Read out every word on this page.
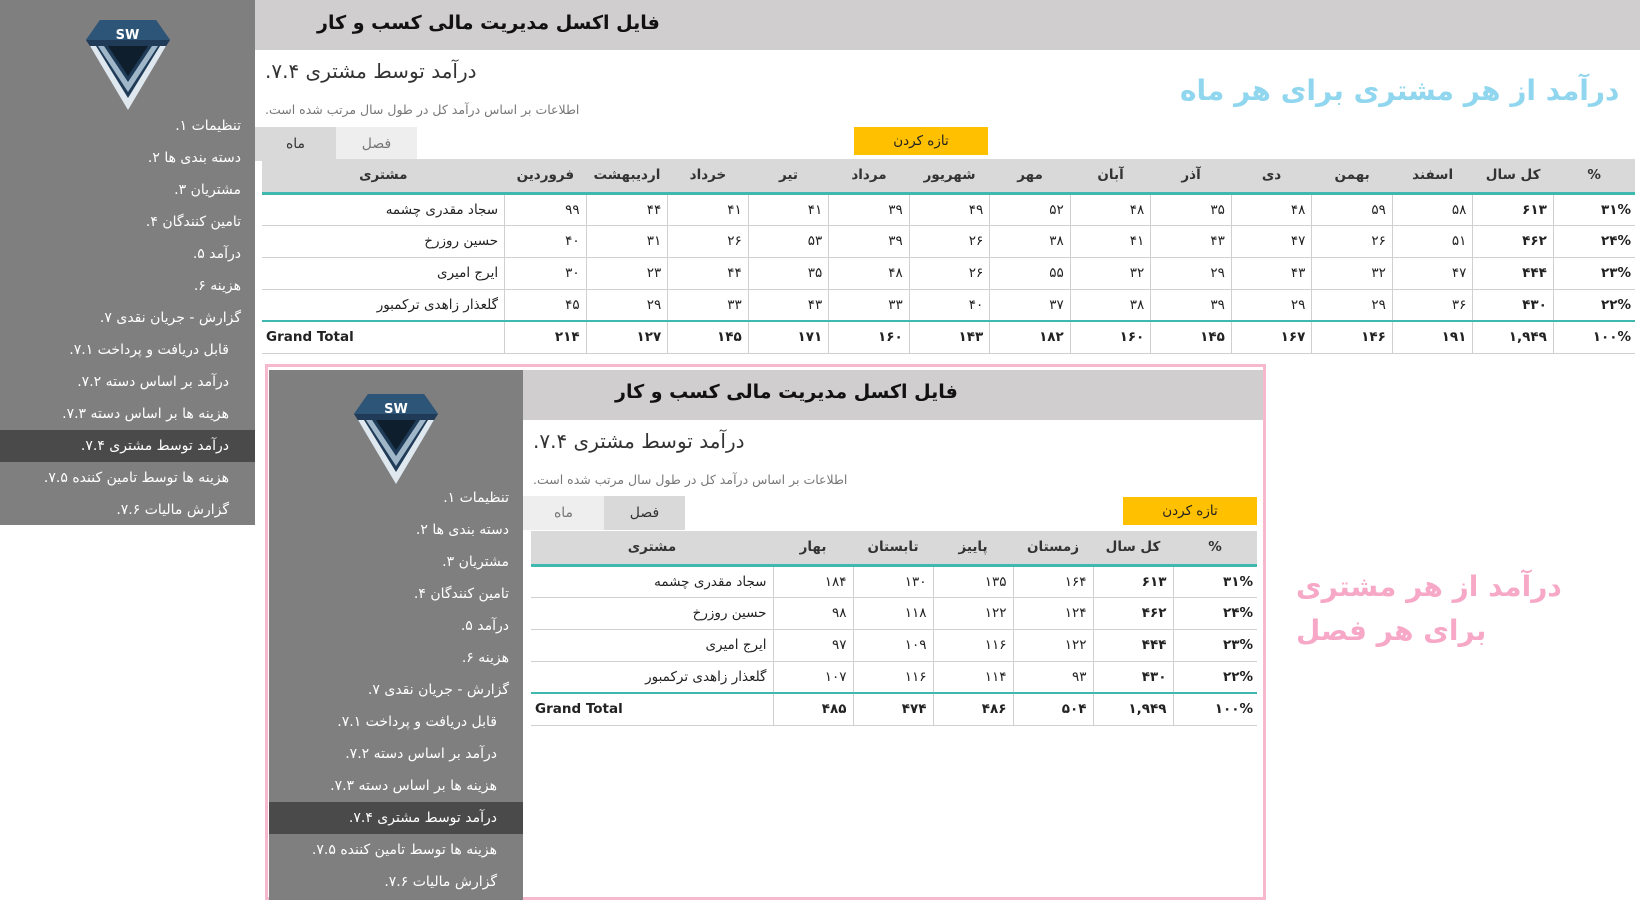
SW
تنظیمات ۱.
دسته بندی ها ۲.
مشتریان ۳.
تامین کنندگان ۴.
درآمد ۵.
هزینه ۶.
گزارش - جریان نقدی ۷.
قابل دریافت و پرداخت ۷.۱.
درآمد بر اساس دسته ۷.۲.
هزینه ها بر اساس دسته ۷.۳.
درآمد توسط مشتری ۷.۴.
هزینه ها توسط تامین کننده ۷.۵.
گزارش مالیات ۷.۶.
فایل اکسل مدیریت مالی کسب و کار
درآمد توسط مشتری ۷.۴.
اطلاعات بر اساس درآمد کل در طول سال مرتب شده است.
ماه	فصل	تازه کردن
مشتری	فروردین	اردیبهشت	خرداد	تیر	مرداد	شهریور	مهر	آبان	آذر	دی	بهمن	اسفند	کل سال	%
سجاد مقدری چشمه	۹۹	۴۴	۴۱	۴۱	۳۹	۴۹	۵۲	۴۸	۳۵	۴۸	۵۹	۵۸	۶۱۳	۳۱%
حسین روزرخ	۴۰	۳۱	۲۶	۵۳	۳۹	۲۶	۳۸	۴۱	۴۳	۴۷	۲۶	۵۱	۴۶۲	۲۴%
ایرج امیری	۳۰	۲۳	۴۴	۳۵	۴۸	۲۶	۵۵	۳۲	۲۹	۴۳	۳۲	۴۷	۴۴۴	۲۳%
گلعذار زاهدی ترکمبور	۴۵	۲۹	۳۳	۴۳	۳۳	۴۰	۳۷	۳۸	۳۹	۲۹	۲۹	۳۶	۴۳۰	۲۲%
Grand Total	۲۱۴	۱۲۷	۱۴۵	۱۷۱	۱۶۰	۱۴۳	۱۸۲	۱۶۰	۱۴۵	۱۶۷	۱۴۶	۱۹۱	۱,۹۴۹	۱۰۰%
درآمد از هر مشتری برای هر ماه
SW
تنظیمات ۱.
دسته بندی ها ۲.
مشتریان ۳.
تامین کنندگان ۴.
درآمد ۵.
هزینه ۶.
گزارش - جریان نقدی ۷.
قابل دریافت و پرداخت ۷.۱.
درآمد بر اساس دسته ۷.۲.
هزینه ها بر اساس دسته ۷.۳.
درآمد توسط مشتری ۷.۴.
هزینه ها توسط تامین کننده ۷.۵.
گزارش مالیات ۷.۶.
فایل اکسل مدیریت مالی کسب و کار
درآمد توسط مشتری ۷.۴.
اطلاعات بر اساس درآمد کل در طول سال مرتب شده است.
ماه	فصل	تازه کردن
مشتری	بهار	تابستان	پاییز	زمستان	کل سال	%
سجاد مقدری چشمه	۱۸۴	۱۳۰	۱۳۵	۱۶۴	۶۱۳	۳۱%
حسین روزرخ	۹۸	۱۱۸	۱۲۲	۱۲۴	۴۶۲	۲۴%
ایرج امیری	۹۷	۱۰۹	۱۱۶	۱۲۲	۴۴۴	۲۳%
گلعذار زاهدی ترکمبور	۱۰۷	۱۱۶	۱۱۴	۹۳	۴۳۰	۲۲%
Grand Total	۴۸۵	۴۷۴	۴۸۶	۵۰۴	۱,۹۴۹	۱۰۰%
درآمد از هر مشتری
برای هر فصل
